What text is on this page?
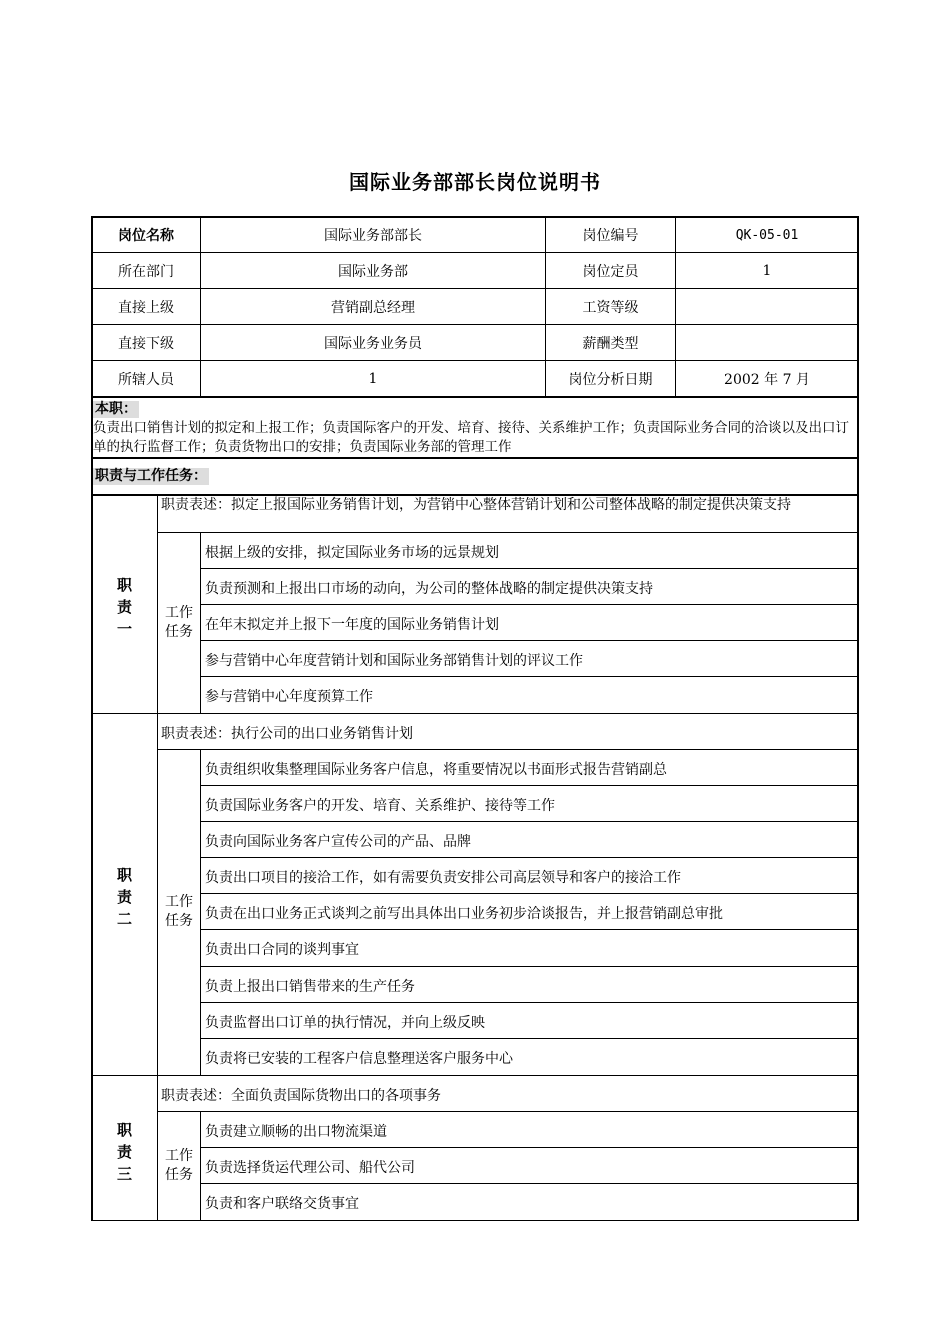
国际业务部部长岗位说明书
岗位名称	国际业务部部长	岗位编号	QK-05-01
所在部门	国际业务部	岗位定员	1
直接上级	营销副总经理	工资等级
直接下级	国际业务业务员	薪酬类型
所辖人员	1	岗位分析日期	2002 年 7 月
本职：
负责出口销售计划的拟定和上报工作；负责国际客户的开发、培育、接待、关系维护工作；负责国际业务合同的洽谈以及出口订单的执行监督工作；负责货物出口的安排；负责国际业务部的管理工作
职责与工作任务：
职
责
一
职责表述：拟定上报国际业务销售计划，为营销中心整体营销计划和公司整体战略的制定提供决策支持
工作
任务
根据上级的安排，拟定国际业务市场的远景规划
负责预测和上报出口市场的动向，为公司的整体战略的制定提供决策支持
在年末拟定并上报下一年度的国际业务销售计划
参与营销中心年度营销计划和国际业务部销售计划的评议工作
参与营销中心年度预算工作
职
责
二
职责表述：执行公司的出口业务销售计划
工作
任务
负责组织收集整理国际业务客户信息，将重要情况以书面形式报告营销副总
负责国际业务客户的开发、培育、关系维护、接待等工作
负责向国际业务客户宣传公司的产品、品牌
负责出口项目的接洽工作，如有需要负责安排公司高层领导和客户的接洽工作
负责在出口业务正式谈判之前写出具体出口业务初步洽谈报告，并上报营销副总审批
负责出口合同的谈判事宜
负责上报出口销售带来的生产任务
负责监督出口订单的执行情况，并向上级反映
负责将已安装的工程客户信息整理送客户服务中心
职
责
三
职责表述：全面负责国际货物出口的各项事务
工作
任务
负责建立顺畅的出口物流渠道
负责选择货运代理公司、船代公司
负责和客户联络交货事宜
